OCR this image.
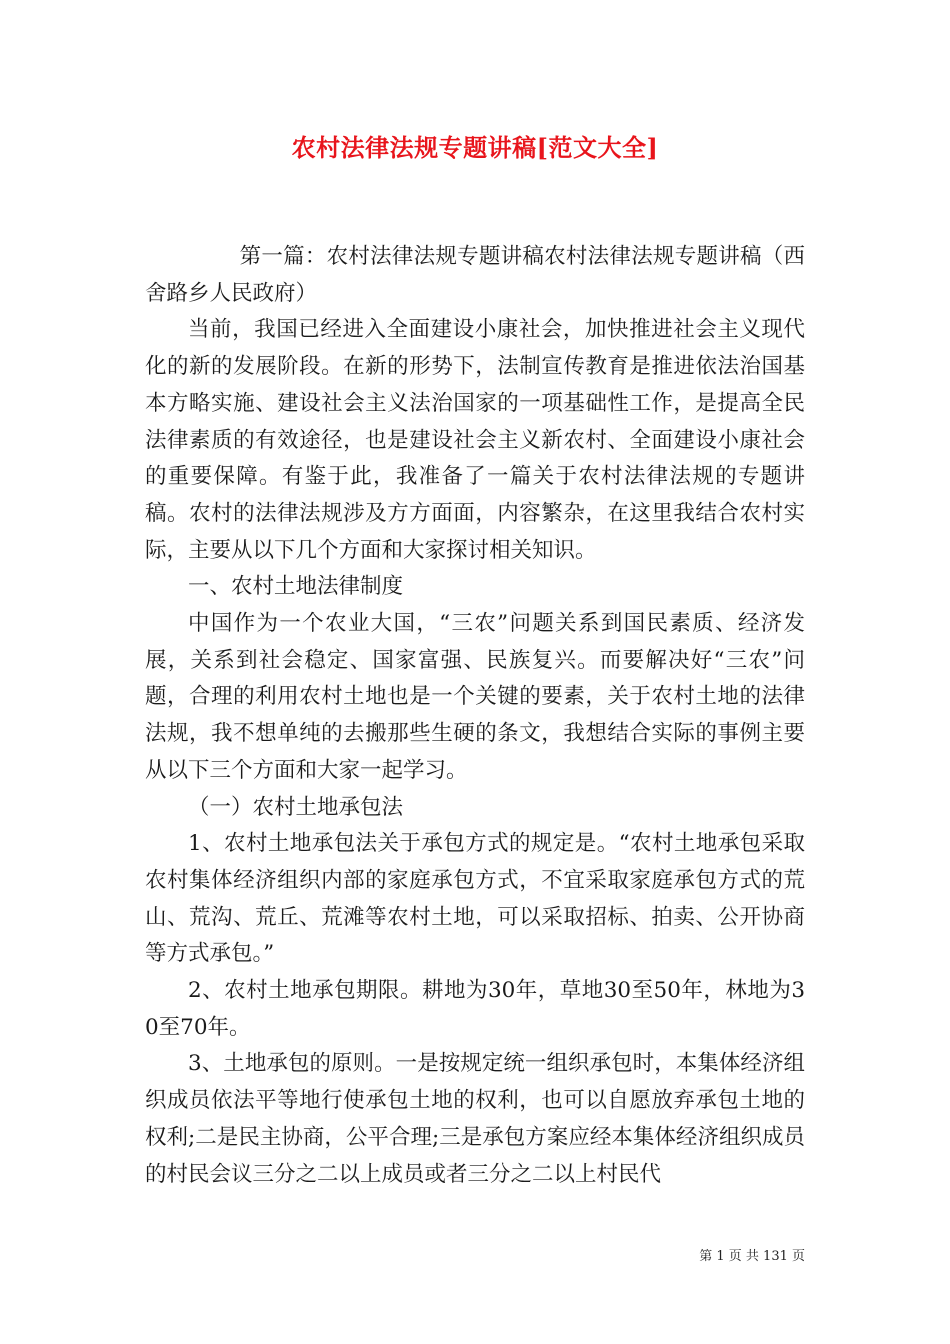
农村法律法规专题讲稿[范文大全]

第一篇：农村法律法规专题讲稿农村法律法规专题讲稿（西舍路乡人民政府）

当前，我国已经进入全面建设小康社会，加快推进社会主义现代化的新的发展阶段。在新的形势下，法制宣传教育是推进依法治国基本方略实施、建设社会主义法治国家的一项基础性工作，是提高全民法律素质的有效途径，也是建设社会主义新农村、全面建设小康社会的重要保障。有鉴于此，我准备了一篇关于农村法律法规的专题讲稿。农村的法律法规涉及方方面面，内容繁杂，在这里我结合农村实际，主要从以下几个方面和大家探讨相关知识。

一、农村土地法律制度

中国作为一个农业大国，“三农”问题关系到国民素质、经济发展，关系到社会稳定、国家富强、民族复兴。而要解决好“三农”问题，合理的利用农村土地也是一个关键的要素，关于农村土地的法律法规，我不想单纯的去搬那些生硬的条文，我想结合实际的事例主要从以下三个方面和大家一起学习。

（一）农村土地承包法

1、农村土地承包法关于承包方式的规定是。“农村土地承包采取农村集体经济组织内部的家庭承包方式，不宜采取家庭承包方式的荒山、荒沟、荒丘、荒滩等农村土地，可以采取招标、拍卖、公开协商等方式承包。”

2、农村土地承包期限。耕地为30年，草地30至50年，林地为30至70年。

3、土地承包的原则。一是按规定统一组织承包时，本集体经济组织成员依法平等地行使承包土地的权利，也可以自愿放弃承包土地的权利;二是民主协商，公平合理;三是承包方案应经本集体经济组织成员的村民会议三分之二以上成员或者三分之二以上村民代

第 1 页 共 131 页
